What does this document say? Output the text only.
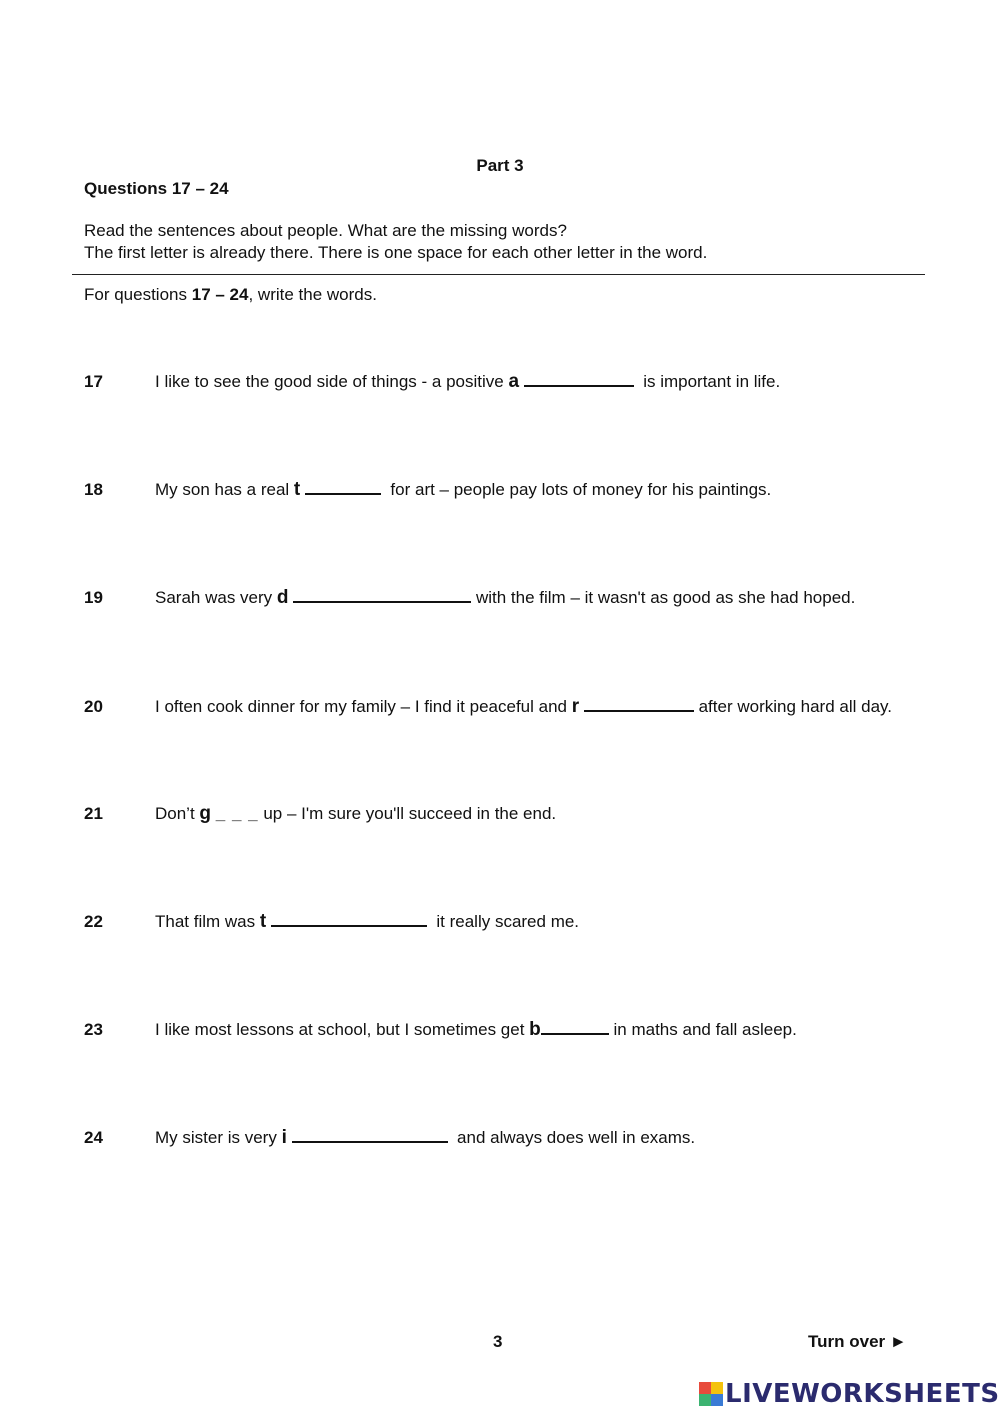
Part 3
Questions 17 – 24
Read the sentences about people. What are the missing words?
The first letter is already there. There is one space for each other letter in the word.
For questions 17 – 24, write the words.
17	I like to see the good side of things - a positive a	is important in life.
18	My son has a real t	for art – people pay lots of money for his paintings.
19	Sarah was very d	with the film – it wasn't as good as she had hoped.
20	I often cook dinner for my family – I find it peaceful and r	after working hard all day.
21	Don’t g _ _ _ up – I'm sure you'll succeed in the end.
22	That film was t	it really scared me.
23	I like most lessons at school, but I sometimes get b	in maths and fall asleep.
24	My sister is very i	and always does well in exams.
3	Turn over ►
LIVEWORKSHEETS
